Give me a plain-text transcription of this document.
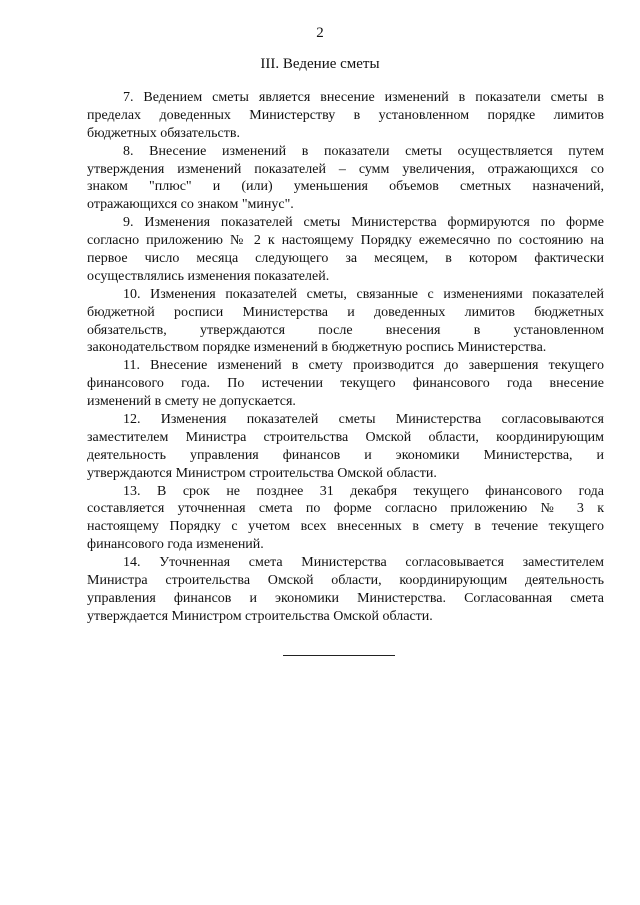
2
III. Ведение сметы
7. Ведением сметы является внесение изменений в показатели сметы в
пределах доведенных Министерству в установленном порядке лимитов
бюджетных обязательств.
8. Внесение изменений в показатели сметы осуществляется путем
утверждения изменений показателей – сумм увеличения, отражающихся со
знаком "плюс" и (или) уменьшения объемов сметных назначений,
отражающихся со знаком "минус".
9. Изменения показателей сметы Министерства формируются по форме
согласно приложению № 2 к настоящему Порядку ежемесячно по состоянию на
первое число месяца следующего за месяцем, в котором фактически
осуществлялись изменения показателей.
10. Изменения показателей сметы, связанные с изменениями показателей
бюджетной росписи Министерства и доведенных лимитов бюджетных
обязательств, утверждаются после внесения в установленном
законодательством порядке изменений в бюджетную роспись Министерства.
11. Внесение изменений в смету производится до завершения текущего
финансового года. По истечении текущего финансового года внесение
изменений в смету не допускается.
12. Изменения показателей сметы Министерства согласовываются
заместителем Министра строительства Омской области, координирующим
деятельность управления финансов и экономики Министерства, и
утверждаются Министром строительства Омской области.
13. В срок не позднее 31 декабря текущего финансового года
составляется уточненная смета по форме согласно приложению № 3 к
настоящему Порядку с учетом всех внесенных в смету в течение текущего
финансового года изменений.
14. Уточненная смета Министерства согласовывается заместителем
Министра строительства Омской области, координирующим деятельность
управления финансов и экономики Министерства. Согласованная смета
утверждается Министром строительства Омской области.
